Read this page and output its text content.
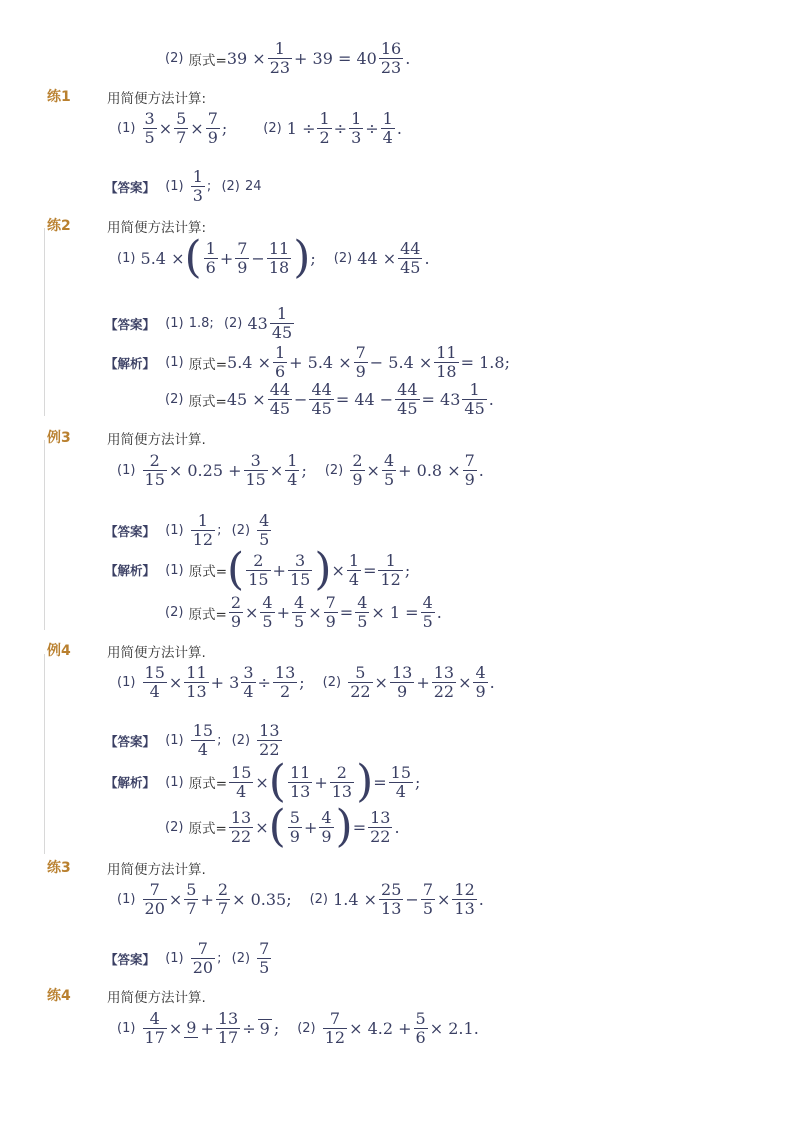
(2)
原式= 39
× $\frac{1}{23}$ +
39
=
$40 \frac{16}{23}$ .
练1	用简便方法计算:
(1)
$\frac{3}{5} \times \frac{5}{7} \times \frac{7}{9}$ ;	(2)
1
÷ $\frac{1}{2} \div \frac{1}{3} \div \frac{1}{4}$ .
【答案】
(1)
$\frac{1}{3}$ ;
(2)
24
练2	用简便方法计算:
(1)
5.4
× ( $\frac{1}{6} + \frac{7}{9} - \frac{11}{18}$ ) ; (2)
44
× $\frac{44}{45}$ .
【答案】
(1)
1.8 ;
(2)
$43 \frac{1}{45}$
【解析】
(1)
原式= 5.4
× $\frac{1}{6}$ +
5.4
× $\frac{7}{9}$ −
5.4
× $\frac{11}{18}$ =
1.8 ;
(2)
原式= 45
× $\frac{44}{45} - \frac{44}{45}$ =
44
− $\frac{44}{45}$ =
$43 \frac{1}{45}$ .
例3	用简便方法计算.
(1)
$\frac{2}{15}$ ×
0.25
+ $\frac{3}{15} \times \frac{1}{4}$ ; (2)
$\frac{2}{9} \times \frac{4}{5}$ +
0.8
× $\frac{7}{9}$ .
【答案】
(1)
$\frac{1}{12}$ ;
(2)
$\frac{4}{5}$
【解析】
(1)
原式= ( $\frac{2}{15} + \frac{3}{15}$ ) × $\frac{1}{4} = \frac{1}{12}$ ;
(2)
原式= $\frac{2}{9} \times \frac{4}{5} + \frac{4}{5} \times \frac{7}{9} = \frac{4}{5}$ ×
1
= $\frac{4}{5}$ .
例4	用简便方法计算.
(1)
$\frac{15}{4} \times \frac{11}{13}$ +
$3 \frac{3}{4} \div \frac{13}{2}$ ; (2)
$\frac{5}{22} \times \frac{13}{9} + \frac{13}{22} \times \frac{4}{9}$ .
【答案】
(1)
$\frac{15}{4}$ ;
(2)
$\frac{13}{22}$
【解析】
(1)
原式= $\frac{15}{4}$ × ( $\frac{11}{13} + \frac{2}{13}$ ) = $\frac{15}{4}$ ;
(2)
原式= $\frac{13}{22}$ × ( $\frac{5}{9} + \frac{4}{9}$ ) = $\frac{13}{22}$ .
练3	用简便方法计算.
(1)
$\frac{7}{20} \times \frac{5}{7} + \frac{2}{7}$ ×
0.35 ; (2)
1.4
× $\frac{25}{13} - \frac{7}{5} \times \frac{12}{13}$ .
【答案】
(1)
$\frac{7}{20}$ ;
(2)
$\frac{7}{5}$
练4	用简便方法计算.
(1)
$\frac{4}{17} \times 9 + \frac{13}{17} \div 9$ ; (2)
$\frac{7}{12}$ ×
4.2
+ $\frac{5}{6}$ ×
2.1 .
